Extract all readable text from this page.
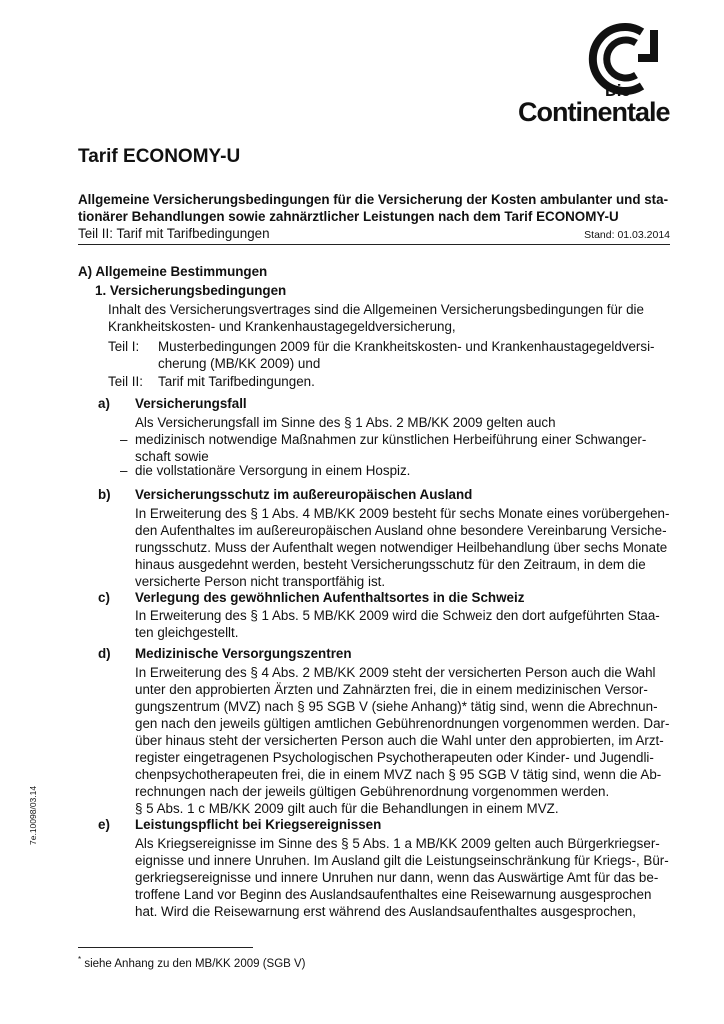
Die
Continentale
Tarif ECONOMY-U
Allgemeine Versicherungsbedingungen für die Versicherung der Kosten ambulanter und sta-
tionärer Behandlungen sowie zahnärztlicher Leistungen nach dem Tarif ECONOMY-U
Teil II: Tarif mit Tarifbedingungen	Stand: 01.03.2014
A) Allgemeine Bestimmungen
1. Versicherungsbedingungen
Inhalt des Versicherungsvertrages sind die Allgemeinen Versicherungsbedingungen für die
Krankheitskosten- und Krankenhaustagegeldversicherung,
Teil I: Musterbedingungen 2009 für die Krankheitskosten- und Krankenhaustagegeldversi-
cherung (MB/KK 2009) und
Teil II: Tarif mit Tarifbedingungen.
a) Versicherungsfall
Als Versicherungsfall im Sinne des § 1 Abs. 2 MB/KK 2009 gelten auch
– medizinisch notwendige Maßnahmen zur künstlichen Herbeiführung einer Schwanger-
schaft sowie
– die vollstationäre Versorgung in einem Hospiz.
b) Versicherungsschutz im außereuropäischen Ausland
In Erweiterung des § 1 Abs. 4 MB/KK 2009 besteht für sechs Monate eines vorübergehen-
den Aufenthaltes im außereuropäischen Ausland ohne besondere Vereinbarung Versiche-
rungsschutz. Muss der Aufenthalt wegen notwendiger Heilbehandlung über sechs Monate
hinaus ausgedehnt werden, besteht Versicherungsschutz für den Zeitraum, in dem die
versicherte Person nicht transportfähig ist.
c) Verlegung des gewöhnlichen Aufenthaltsortes in die Schweiz
In Erweiterung des § 1 Abs. 5 MB/KK 2009 wird die Schweiz den dort aufgeführten Staa-
ten gleichgestellt.
d) Medizinische Versorgungszentren
In Erweiterung des § 4 Abs. 2 MB/KK 2009 steht der versicherten Person auch die Wahl
unter den approbierten Ärzten und Zahnärzten frei, die in einem medizinischen Versor-
gungszentrum (MVZ) nach § 95 SGB V (siehe Anhang)* tätig sind, wenn die Abrechnun-
gen nach den jeweils gültigen amtlichen Gebührenordnungen vorgenommen werden. Dar-
über hinaus steht der versicherten Person auch die Wahl unter den approbierten, im Arzt-
register eingetragenen Psychologischen Psychotherapeuten oder Kinder- und Jugendli-
chenpsychotherapeuten frei, die in einem MVZ nach § 95 SGB V tätig sind, wenn die Ab-
rechnungen nach der jeweils gültigen Gebührenordnung vorgenommen werden.
§ 5 Abs. 1 c MB/KK 2009 gilt auch für die Behandlungen in einem MVZ.
e) Leistungspflicht bei Kriegsereignissen
Als Kriegsereignisse im Sinne des § 5 Abs. 1 a MB/KK 2009 gelten auch Bürgerkriegser-
eignisse und innere Unruhen. Im Ausland gilt die Leistungseinschränkung für Kriegs-, Bür-
gerkriegsereignisse und innere Unruhen nur dann, wenn das Auswärtige Amt für das be-
troffene Land vor Beginn des Auslandsaufenthaltes eine Reisewarnung ausgesprochen
hat. Wird die Reisewarnung erst während des Auslandsaufenthaltes ausgesprochen,
7e.10098/03.14
* siehe Anhang zu den MB/KK 2009 (SGB V)
